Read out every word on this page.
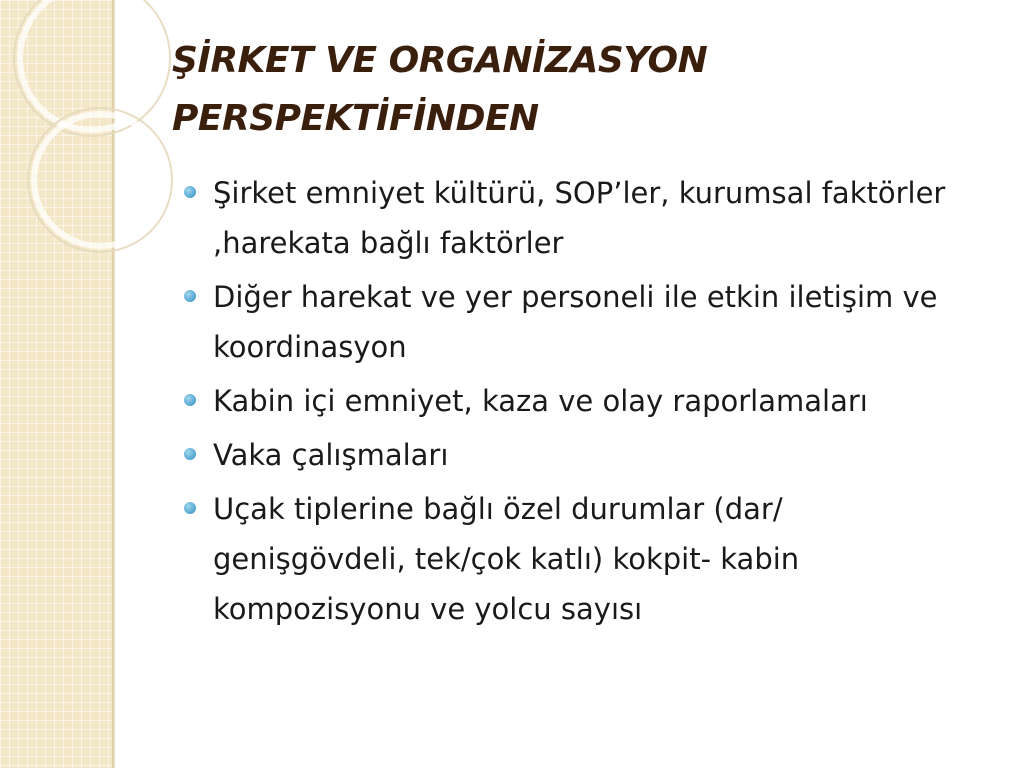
ŞİRKET VE ORGANİZASYON
PERSPEKTİFİNDEN
Şirket emniyet kültürü, SOP’ler, kurumsal faktörler ,harekata bağlı faktörler
Diğer harekat ve yer personeli ile etkin iletişim ve koordinasyon
Kabin içi emniyet, kaza ve olay raporlamaları
Vaka çalışmaları
Uçak tiplerine bağlı özel durumlar (dar/ genişgövdeli, tek/çok katlı) kokpit- kabin kompozisyonu ve yolcu sayısı
